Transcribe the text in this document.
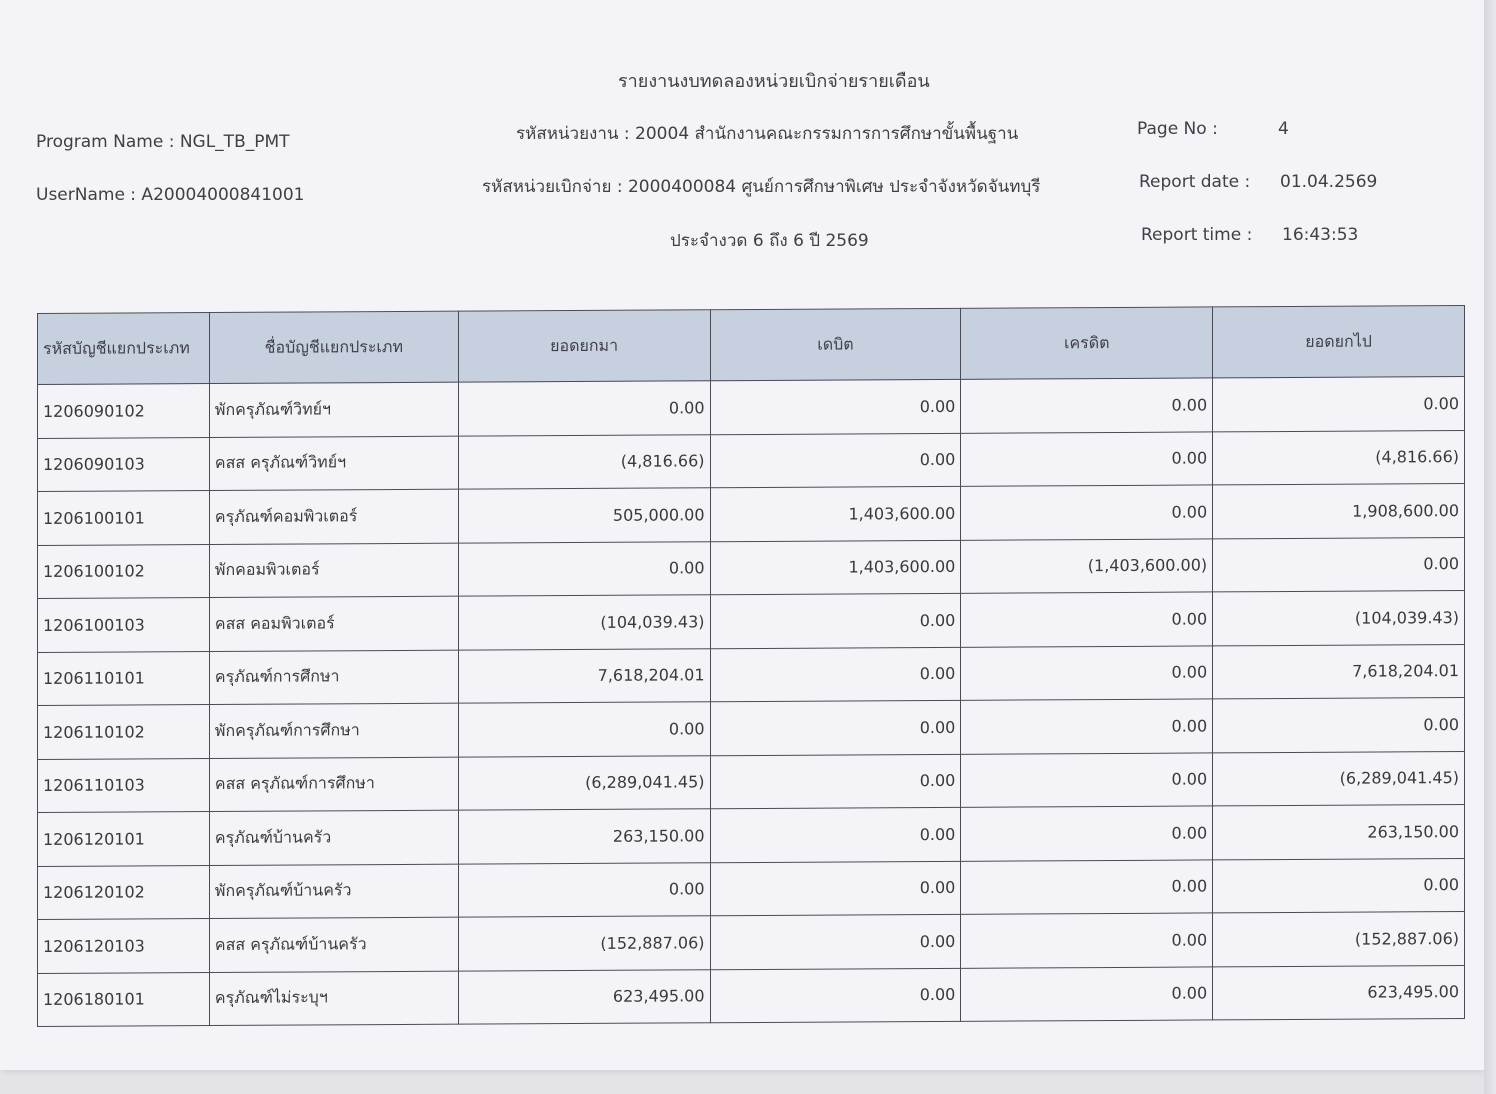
รายงานงบทดลองหน่วยเบิกจ่ายรายเดือน
Program Name : NGL_TB_PMT
UserName : A20004000841001
รหัสหน่วยงาน : 20004 สำนักงานคณะกรรมการการศึกษาขั้นพื้นฐาน
รหัสหน่วยเบิกจ่าย : 2000400084 ศูนย์การศึกษาพิเศษ ประจำจังหวัดจันทบุรี
ประจำงวด 6 ถึง 6 ปี 2569
Page No :	4
Report date : 01.04.2569
Report time : 16:43:53
รหัสบัญชีแยกประเภท	ชื่อบัญชีแยกประเภท	ยอดยกมา	เดบิต	เครดิต	ยอดยกไป
1206090102	พักครุภัณฑ์วิทย์ฯ	0.00	0.00	0.00	0.00
1206090103	คสส ครุภัณฑ์วิทย์ฯ	(4,816.66)	0.00	0.00	(4,816.66)
1206100101	ครุภัณฑ์คอมพิวเตอร์	505,000.00	1,403,600.00	0.00	1,908,600.00
1206100102	พักคอมพิวเตอร์	0.00	1,403,600.00	(1,403,600.00)	0.00
1206100103	คสส คอมพิวเตอร์	(104,039.43)	0.00	0.00	(104,039.43)
1206110101	ครุภัณฑ์การศึกษา	7,618,204.01	0.00	0.00	7,618,204.01
1206110102	พักครุภัณฑ์การศึกษา	0.00	0.00	0.00	0.00
1206110103	คสส ครุภัณฑ์การศึกษา	(6,289,041.45)	0.00	0.00	(6,289,041.45)
1206120101	ครุภัณฑ์บ้านครัว	263,150.00	0.00	0.00	263,150.00
1206120102	พักครุภัณฑ์บ้านครัว	0.00	0.00	0.00	0.00
1206120103	คสส ครุภัณฑ์บ้านครัว	(152,887.06)	0.00	0.00	(152,887.06)
1206180101	ครุภัณฑ์ไม่ระบุฯ	623,495.00	0.00	0.00	623,495.00
